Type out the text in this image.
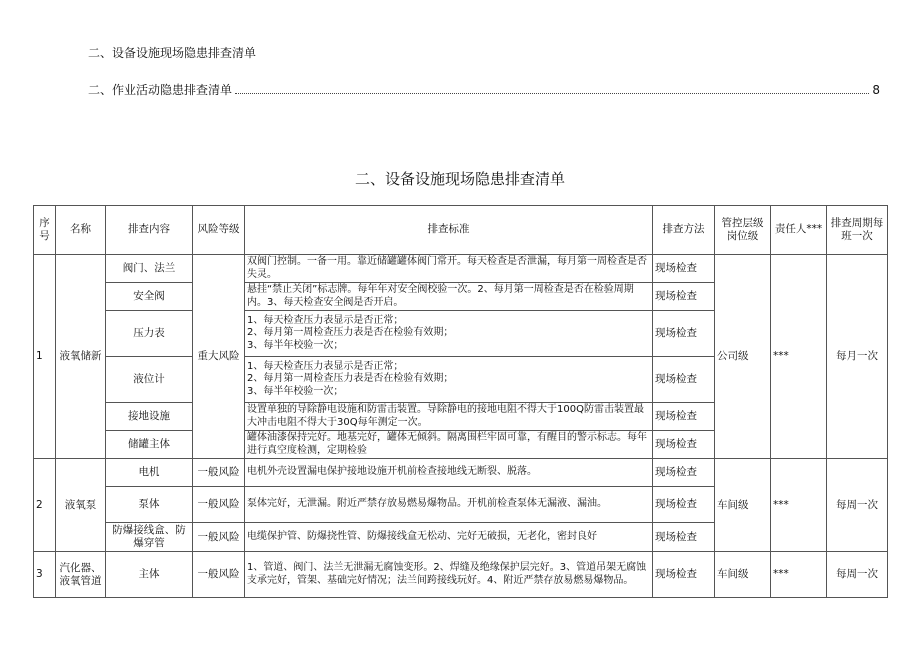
二、设备设施现场隐患排查清单
二、作业活动隐患排查清单	8
二、设备设施现场隐患排查清单
序号	名称	排查内容	风险等级	排查标准	排查方法	管控层级岗位级	责任人***	排查周期每班一次
1	液氧储新	阀门、法兰	重大风险	双阀门控制。一备一用。靠近储罐罐体阀门常开。每天检查是否泄漏，每月第一周检查是否失灵。	现场检查	公司级	***	每月一次
		安全阀		悬挂“禁止关闭”标志牌。每年年对安全阀校验一次。2、每月第一周检查是否在检验周期内。3、每天检查安全阀是否开启。	现场检查			
		压力表		1、每天检查压力表显示是否正常；
2、每月第一周检查压力表是否在检验有效期；
3、每半年校验一次；	现场检查			
		液位计		1、每天检查压力表显示是否正常；
2、每月第一周检查压力表是否在检验有效期；
3、每半年校验一次；	现场检查			
		接地设施		设置单独的导除静电设施和防雷击装置。导除静电的接地电阻不得大于100Q防雷击装置最大冲击电阻不得大于30Q每年测定一次。	现场检查			
		储罐主体		罐体油漆保持完好。地基完好，罐体无倾斜。隔离围栏牢固可靠，有醒目的警示标志。每年进行真空度检测，定期检验	现场检查			
2	液氧泵	电机	一般风险	电机外壳设置漏电保护接地设施开机前检查接地线无断裂、脱落。	现场检查	车间级	***	每周一次
		泵体	一般风险	泵体完好，无泄漏。附近严禁存放易燃易爆物品。开机前检查泵体无漏液、漏油。	现场检查			
		防爆接线盒、防爆穿管	一般风险	电缆保护管、防爆挠性管、防爆接线盒无松动、完好无破损，无老化，密封良好	现场检查			
3	汽化器、液氧管道	主体	一般风险	1、管道、阀门、法兰无泄漏无腐蚀变形。2、焊缝及绝缘保护层完好。3、管道吊架无腐蚀支承完好，管架、基础完好情况；法兰间跨接线玩好。4、附近严禁存放易燃易爆物品。	现场检查	车间级	***	每周一次
